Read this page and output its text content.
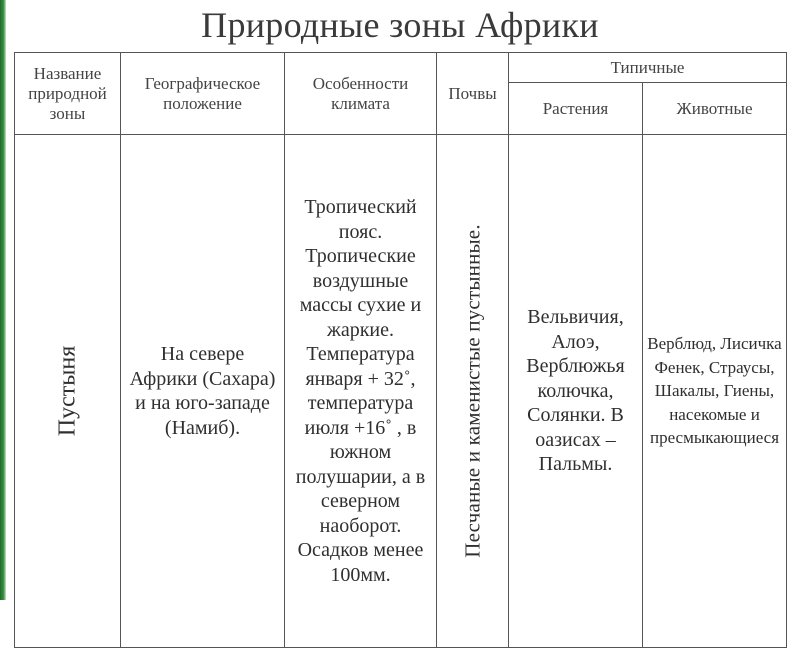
Природные зоны Африки
Название природной зоны	Географическое положение	Особенности климата	Почвы	Типичные	
				Растения	Животные

Пустыня	На севере Африки (Сахара) и на юго-западе (Намиб).	Тропический пояс. Тропические воздушные массы сухие и жаркие. Температура января + 32˚, температура июля +16˚ , в южном полушарии, а в северном наоборот. Осадков менее 100мм.	Песчаные и каменистые пустынные.	Вельвичия, Алоэ, Верблюжья колючка, Солянки. В оазисах – Пальмы.	Верблюд, Лисичка Фенек, Страусы, Шакалы, Гиены, насекомые и пресмыкающиеся
